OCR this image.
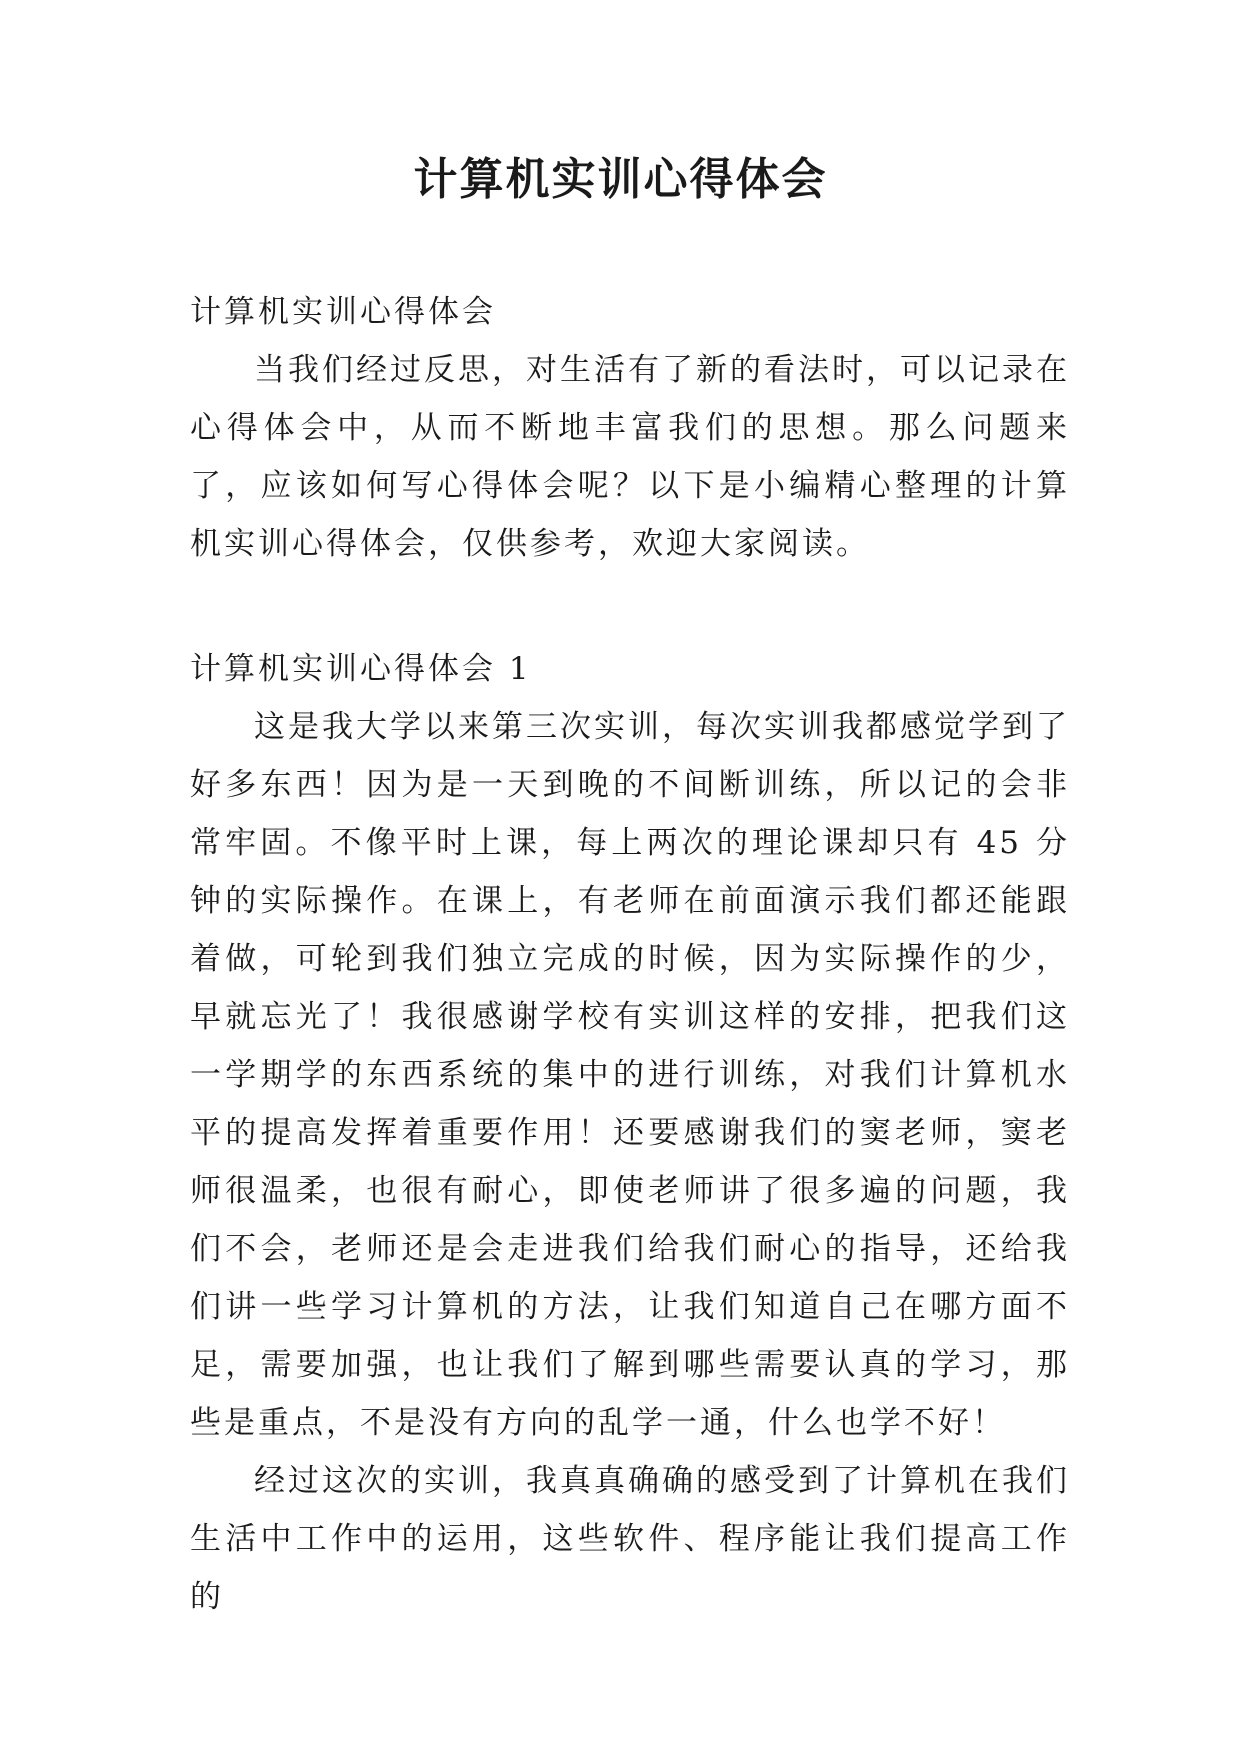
计算机实训心得体会
计算机实训心得体会

当我们经过反思，对生活有了新的看法时，可以记录在心得体会中，从而不断地丰富我们的思想。那么问题来了，应该如何写心得体会呢？以下是小编精心整理的计算机实训心得体会，仅供参考，欢迎大家阅读。

计算机实训心得体会 1

这是我大学以来第三次实训，每次实训我都感觉学到了好多东西！因为是一天到晚的不间断训练，所以记的会非常牢固。不像平时上课，每上两次的理论课却只有 45 分钟的实际操作。在课上，有老师在前面演示我们都还能跟着做，可轮到我们独立完成的时候，因为实际操作的少，早就忘光了！我很感谢学校有实训这样的安排，把我们这一学期学的东西系统的集中的进行训练，对我们计算机水平的提高发挥着重要作用！还要感谢我们的窦老师，窦老师很温柔，也很有耐心，即使老师讲了很多遍的问题，我们不会，老师还是会走进我们给我们耐心的指导，还给我们讲一些学习计算机的方法，让我们知道自己在哪方面不足，需要加强，也让我们了解到哪些需要认真的学习，那些是重点，不是没有方向的乱学一通，什么也学不好！

经过这次的实训，我真真确确的感受到了计算机在我们生活中工作中的运用，这些软件、程序能让我们提高工作的
